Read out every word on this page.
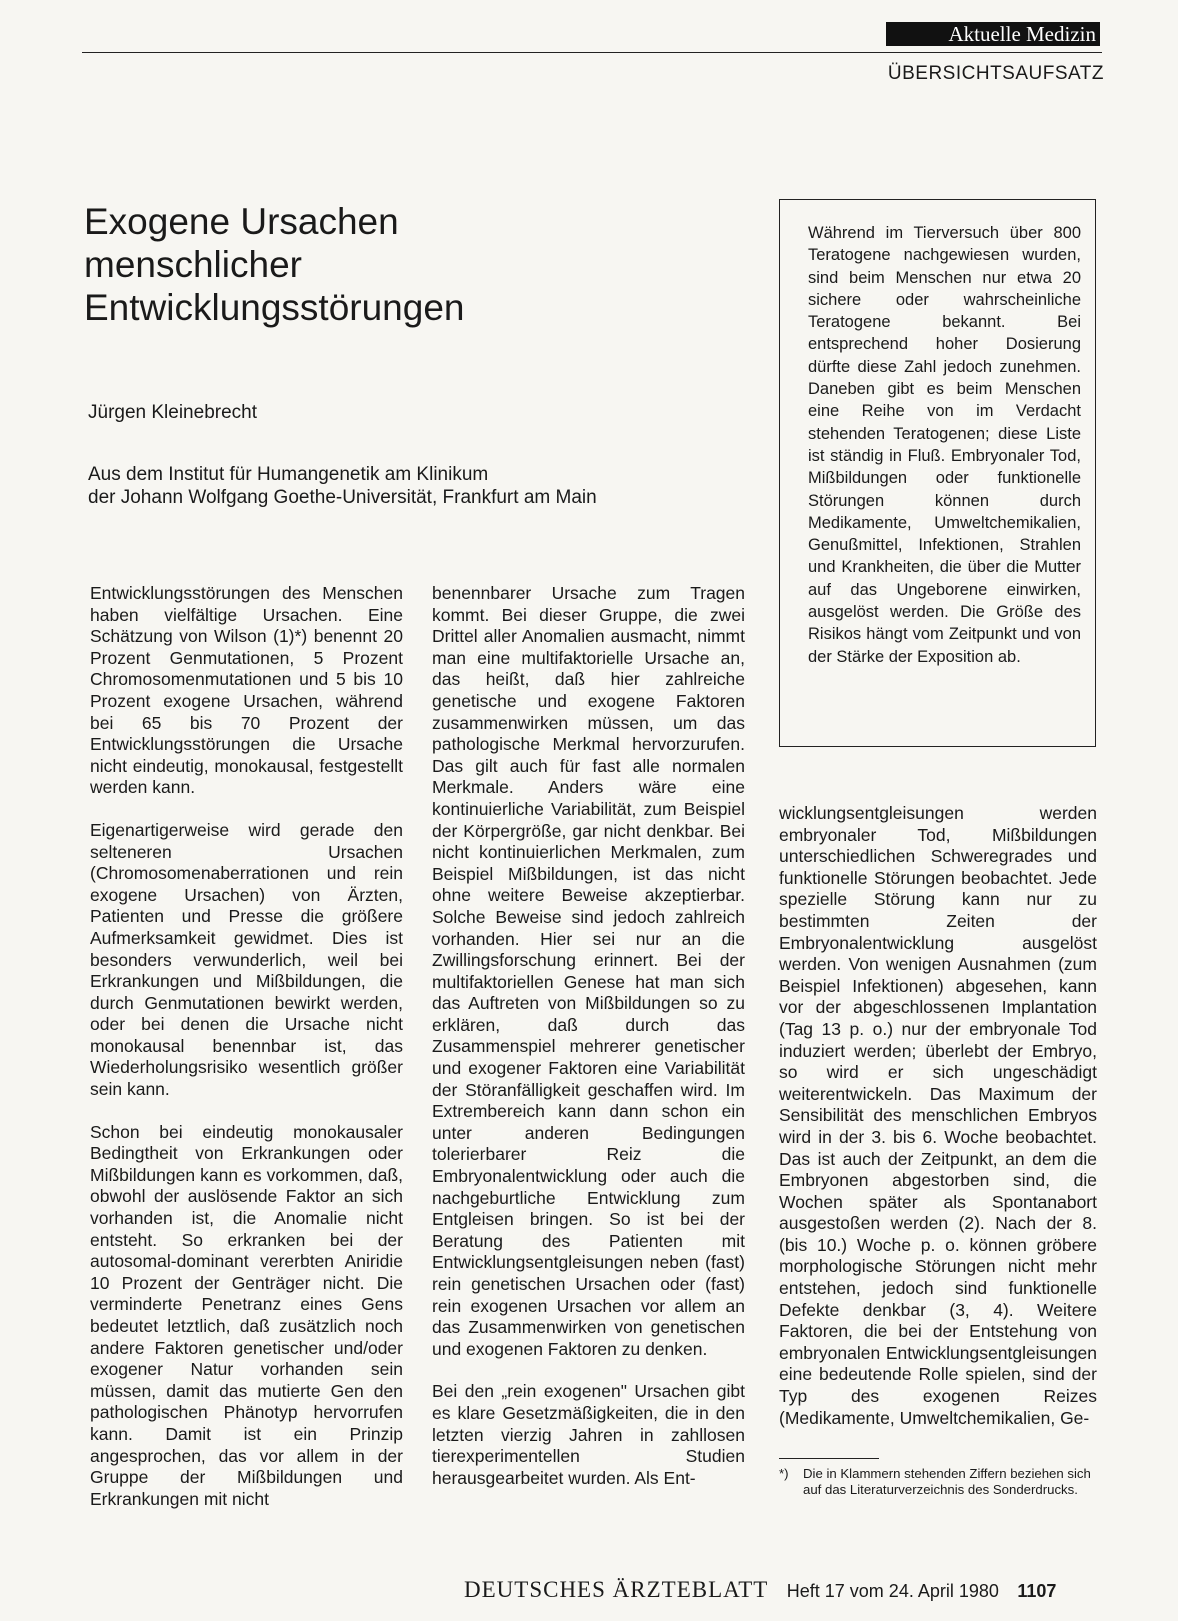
Aktuelle Medizin
ÜBERSICHTSAUFSATZ
Exogene Ursachen
menschlicher
Entwicklungsstörungen
Jürgen Kleinebrecht
Aus dem Institut für Humangenetik am Klinikum
der Johann Wolfgang Goethe-Universität, Frankfurt am Main
Während im Tierversuch über 800 Teratogene nachgewiesen wurden, sind beim Menschen nur etwa 20 sichere oder wahrscheinliche Teratogene bekannt. Bei entsprechend hoher Dosierung dürfte diese Zahl jedoch zunehmen. Daneben gibt es beim Menschen eine Reihe von im Verdacht stehenden Teratogenen; diese Liste ist ständig in Fluß. Embryonaler Tod, Mißbildungen oder funktionelle Störungen können durch Medikamente, Umweltchemikalien, Genußmittel, Infektionen, Strahlen und Krankheiten, die über die Mutter auf das Ungeborene einwirken, ausgelöst werden. Die Größe des Risikos hängt vom Zeitpunkt und von der Stärke der Exposition ab.

Entwicklungsstörungen des Menschen haben vielfältige Ursachen. Eine Schätzung von Wilson (1)*) benennt 20 Prozent Genmutationen, 5 Prozent Chromosomenmutationen und 5 bis 10 Prozent exogene Ursachen, während bei 65 bis 70 Prozent der Entwicklungsstörungen die Ursache nicht eindeutig, monokausal, festgestellt werden kann.

Eigenartigerweise wird gerade den selteneren Ursachen (Chromosomenaberrationen und rein exogene Ursachen) von Ärzten, Patienten und Presse die größere Aufmerksamkeit gewidmet. Dies ist besonders verwunderlich, weil bei Erkrankungen und Mißbildungen, die durch Genmutationen bewirkt werden, oder bei denen die Ursache nicht monokausal benennbar ist, das Wiederholungsrisiko wesentlich größer sein kann.

Schon bei eindeutig monokausaler Bedingtheit von Erkrankungen oder Mißbildungen kann es vorkommen, daß, obwohl der auslösende Faktor an sich vorhanden ist, die Anomalie nicht entsteht. So erkranken bei der autosomal-dominant vererbten Aniridie 10 Prozent der Genträger nicht. Die verminderte Penetranz eines Gens bedeutet letztlich, daß zusätzlich noch andere Faktoren genetischer und/oder exogener Natur vorhanden sein müssen, damit das mutierte Gen den pathologischen Phänotyp hervorrufen kann. Damit ist ein Prinzip angesprochen, das vor allem in der Gruppe der Mißbildungen und Erkrankungen mit nicht

benennbarer Ursache zum Tragen kommt. Bei dieser Gruppe, die zwei Drittel aller Anomalien ausmacht, nimmt man eine multifaktorielle Ursache an, das heißt, daß hier zahlreiche genetische und exogene Faktoren zusammenwirken müssen, um das pathologische Merkmal hervorzurufen. Das gilt auch für fast alle normalen Merkmale. Anders wäre eine kontinuierliche Variabilität, zum Beispiel der Körpergröße, gar nicht denkbar. Bei nicht kontinuierlichen Merkmalen, zum Beispiel Mißbildungen, ist das nicht ohne weitere Beweise akzeptierbar. Solche Beweise sind jedoch zahlreich vorhanden. Hier sei nur an die Zwillingsforschung erinnert. Bei der multifaktoriellen Genese hat man sich das Auftreten von Mißbildungen so zu erklären, daß durch das Zusammenspiel mehrerer genetischer und exogener Faktoren eine Variabilität der Störanfälligkeit geschaffen wird. Im Extrembereich kann dann schon ein unter anderen Bedingungen tolerierbarer Reiz die Embryonalentwicklung oder auch die nachgeburtliche Entwicklung zum Entgleisen bringen. So ist bei der Beratung des Patienten mit Entwicklungsentgleisungen neben (fast) rein genetischen Ursachen oder (fast) rein exogenen Ursachen vor allem an das Zusammenwirken von genetischen und exogenen Faktoren zu denken.

Bei den „rein exogenen" Ursachen gibt es klare Gesetzmäßigkeiten, die in den letzten vierzig Jahren in zahllosen tierexperimentellen Studien herausgearbeitet wurden. Als Ent-

wicklungsentgleisungen werden embryonaler Tod, Mißbildungen unterschiedlichen Schweregrades und funktionelle Störungen beobachtet. Jede spezielle Störung kann nur zu bestimmten Zeiten der Embryonalentwicklung ausgelöst werden. Von wenigen Ausnahmen (zum Beispiel Infektionen) abgesehen, kann vor der abgeschlossenen Implantation (Tag 13 p. o.) nur der embryonale Tod induziert werden; überlebt der Embryo, so wird er sich ungeschädigt weiterentwickeln. Das Maximum der Sensibilität des menschlichen Embryos wird in der 3. bis 6. Woche beobachtet. Das ist auch der Zeitpunkt, an dem die Embryonen abgestorben sind, die Wochen später als Spontanabort ausgestoßen werden (2). Nach der 8. (bis 10.) Woche p. o. können gröbere morphologische Störungen nicht mehr entstehen, jedoch sind funktionelle Defekte denkbar (3, 4). Weitere Faktoren, die bei der Entstehung von embryonalen Entwicklungsentgleisungen eine bedeutende Rolle spielen, sind der Typ des exogenen Reizes (Medikamente, Umweltchemikalien, Ge-

*)	Die in Klammern stehenden Ziffern beziehen sich auf das Literaturverzeichnis des Sonderdrucks.
DEUTSCHES ÄRZTEBLATT Heft 17 vom 24. April 1980 1107
